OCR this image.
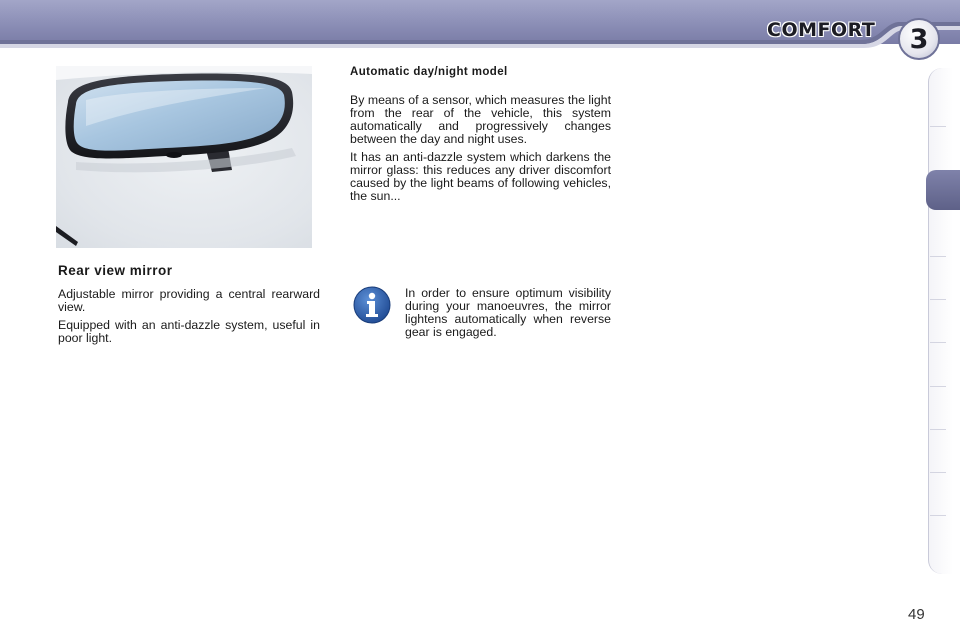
COMFORT 3
Rear view mirror

Adjustable mirror providing a central rearward view.

Equipped with an anti-dazzle system, useful in poor light.

Automatic day/night model

By means of a sensor, which measures the light from the rear of the vehicle, this system automatically and progressively changes between the day and night uses.

It has an anti-dazzle system which darkens the mirror glass: this reduces any driver discomfort caused by the light beams of following vehicles, the sun...

In order to ensure optimum visibility during your manoeuvres, the mirror lightens automatically when reverse gear is engaged.

49
